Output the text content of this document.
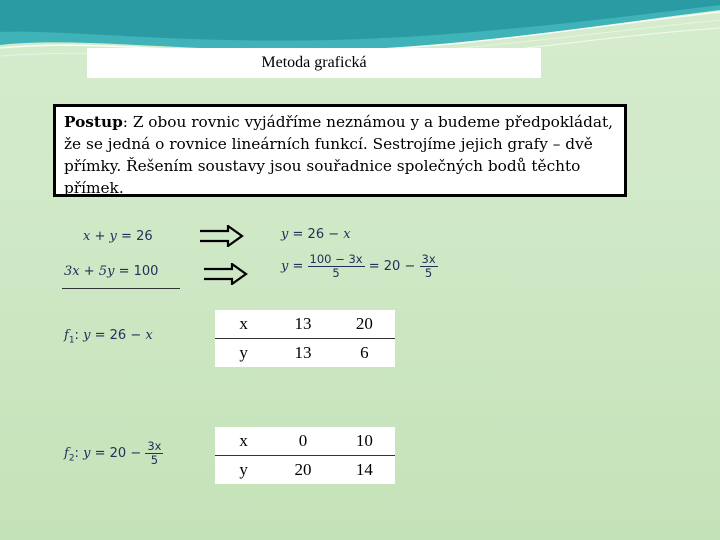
Metoda grafická
Postup: Z obou rovnic vyjádříme neznámou y a budeme předpokládat, že se jedná o rovnice lineárních funkcí. Sestrojíme jejich grafy – dvě přímky. Řešením soustavy jsou souřadnice společných bodů těchto přímek.
x + y = 26	y = 26 − x
3x + 5y = 100	$y = \frac{100 - 3x}{5} = 20 - \frac{3x}{5}$
$f_1$: y = 26 − x
$f_2$: $y = 20 - \frac{3x}{5}$
x	13	20
y	13	6
x	0	10
y	20	14
